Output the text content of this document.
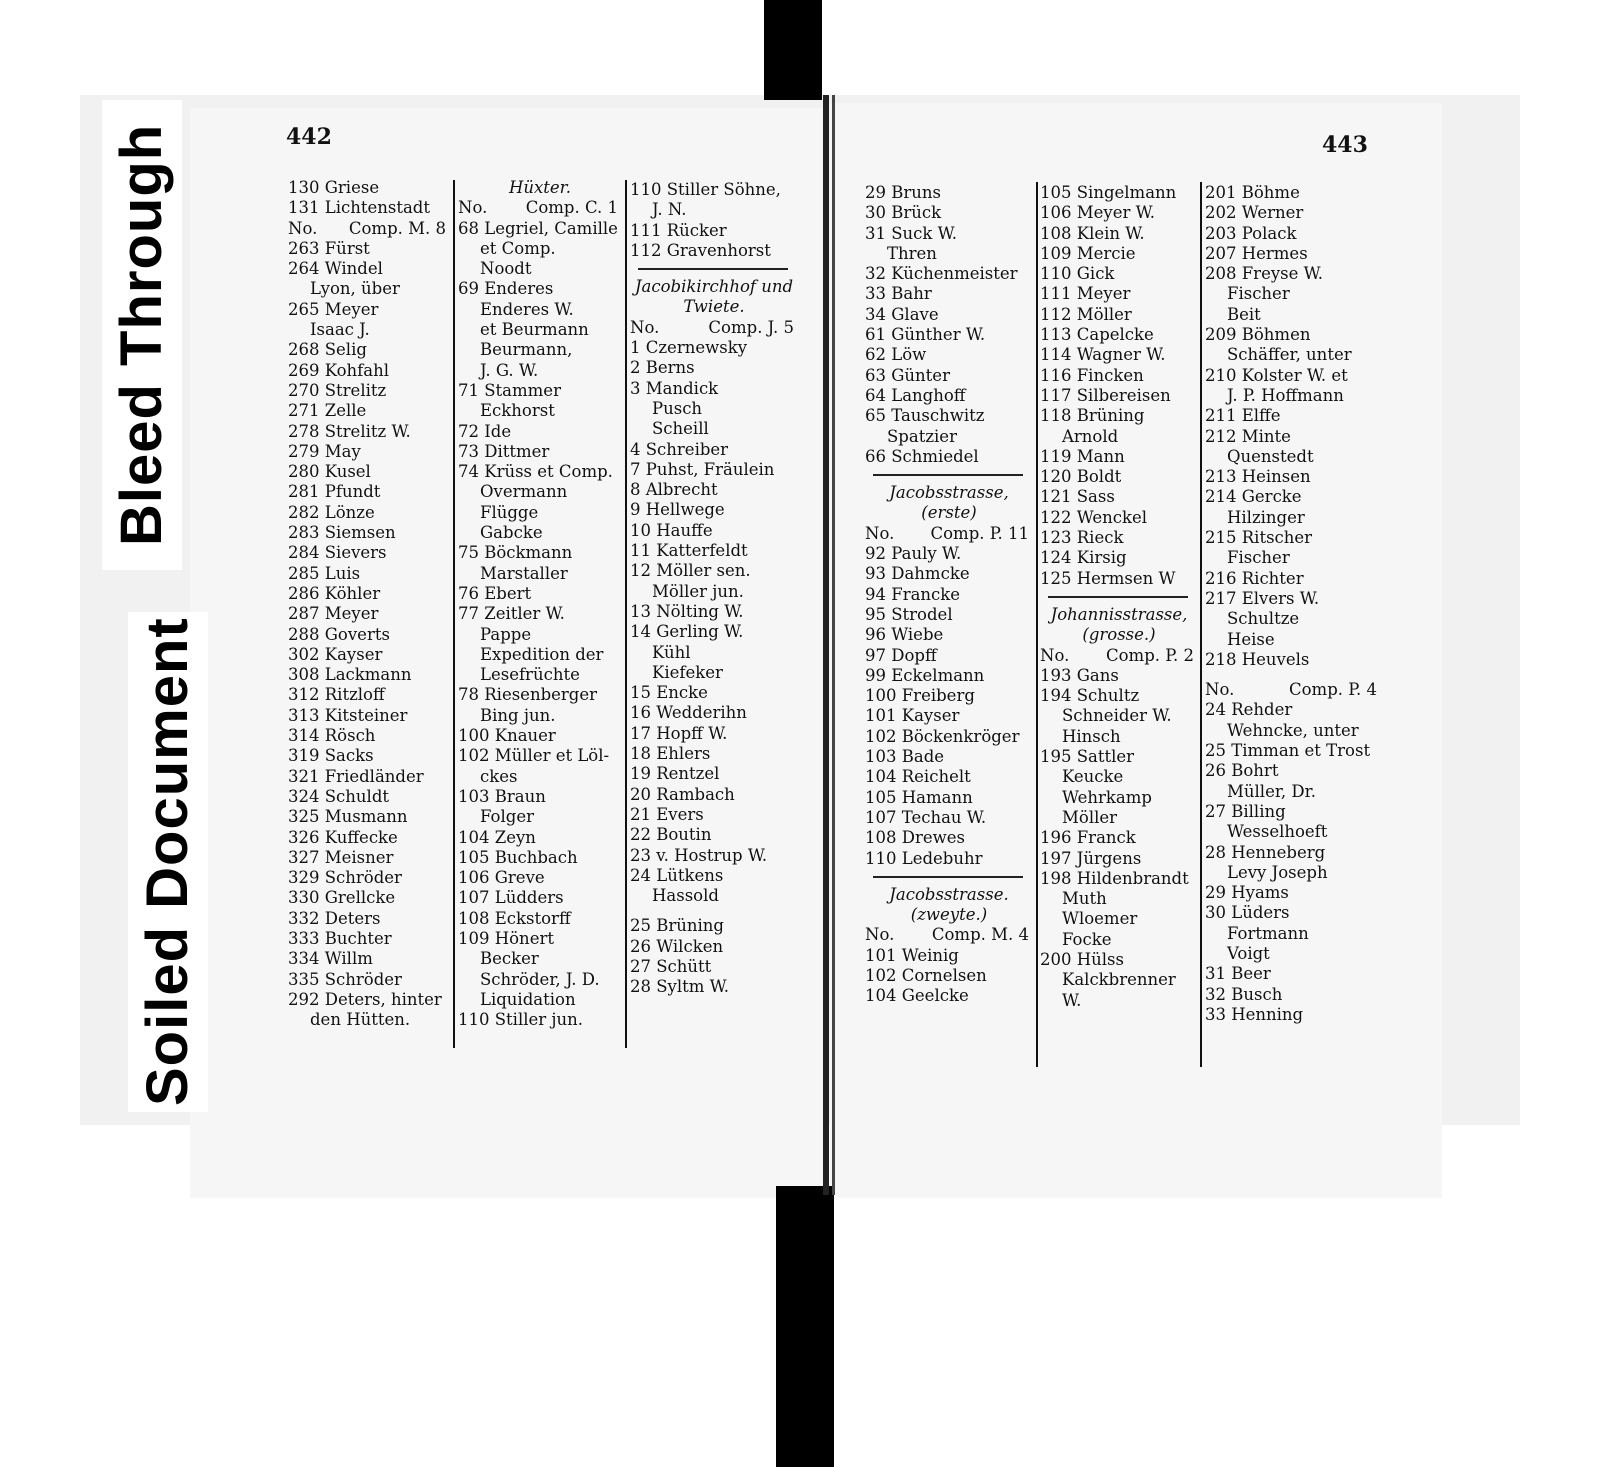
Bleed Through
Soiled Document
442	443
130 Griese
131 Lichtenstadt
No. Comp. M. 8
263 Fürst
264 Windel
Lyon, über
265 Meyer
Isaac J.
268 Selig
269 Kohfahl
270 Strelitz
271 Zelle
278 Strelitz W.
279 May
280 Kusel
281 Pfundt
282 Lönze
283 Siemsen
284 Sievers
285 Luis
286 Köhler
287 Meyer
288 Goverts
302 Kayser
308 Lackmann
312 Ritzloff
313 Kitsteiner
314 Rösch
319 Sacks
321 Friedländer
324 Schuldt
325 Musmann
326 Kuffecke
327 Meisner
329 Schröder
330 Grellcke
332 Deters
333 Buchter
334 Willm
335 Schröder
292 Deters, hinter
den Hütten.
Hüxter.
No. Comp. C. 1
68 Legriel, Camille
et Comp.
Noodt
69 Enderes
Enderes W.
et Beurmann
Beurmann,
J. G. W.
71 Stammer
Eckhorst
72 Ide
73 Dittmer
74 Krüss et Comp.
Overmann
Flügge
Gabcke
75 Böckmann
Marstaller
76 Ebert
77 Zeitler W.
Pappe
Expedition der
Lesefrüchte
78 Riesenberger
Bing jun.
100 Knauer
102 Müller et Löl-
ckes
103 Braun
Folger
104 Zeyn
105 Buchbach
106 Greve
107 Lüdders
108 Eckstorff
109 Hönert
Becker
Schröder, J. D.
Liquidation
110 Stiller jun.
110 Stiller Söhne,
J. N.
111 Rücker
112 Gravenhorst
Jacobikirchhof und
Twiete.
No.	Comp. J. 5
1 Czernewsky
2 Berns
3 Mandick
Pusch
Scheill
4 Schreiber
7 Puhst, Fräulein
8 Albrecht
9 Hellwege
10 Hauffe
11 Katterfeldt
12 Möller sen.
Möller jun.
13 Nölting W.
14 Gerling W.
Kühl
Kiefeker
15 Encke
16 Wedderihn
17 Hopff W.
18 Ehlers
19 Rentzel
20 Rambach
21 Evers
22 Boutin
23 v. Hostrup W.
24 Lütkens
Hassold
25 Brüning
26 Wilcken
27 Schütt
28 Syltm W.
29 Bruns
30 Brück
31 Suck W.
Thren
32 Küchenmeister
33 Bahr
34 Glave
61 Günther W.
62 Löw
63 Günter
64 Langhoff
65 Tauschwitz
Spatzier
66 Schmiedel
Jacobsstrasse,
(erste)
No. Comp. P. 11
92 Pauly W.
93 Dahmcke
94 Francke
95 Strodel
96 Wiebe
97 Dopff
99 Eckelmann
100 Freiberg
101 Kayser
102 Böckenkröger
103 Bade
104 Reichelt
105 Hamann
107 Techau W.
108 Drewes
110 Ledebuhr
Jacobsstrasse.
(zweyte.)
No. Comp. M. 4
101 Weinig
102 Cornelsen
104 Geelcke
105 Singelmann
106 Meyer W.
108 Klein W.
109 Mercie
110 Gick
111 Meyer
112 Möller
113 Capelcke
114 Wagner W.
116 Fincken
117 Silbereisen
118 Brüning
Arnold
119 Mann
120 Boldt
121 Sass
122 Wenckel
123 Rieck
124 Kirsig
125 Hermsen W
Johannisstrasse,
(grosse.)
No. Comp. P. 2
193 Gans
194 Schultz
Schneider W.
Hinsch
195 Sattler
Keucke
Wehrkamp
Möller
196 Franck
197 Jürgens
198 Hildenbrandt
Muth
Wloemer
Focke
200 Hülss
Kalckbrenner
W.
201 Böhme
202 Werner
203 Polack
207 Hermes
208 Freyse W.
Fischer
Beit
209 Böhmen
Schäffer, unter
210 Kolster W. et
J. P. Hoffmann
211 Elffe
212 Minte
Quenstedt
213 Heinsen
214 Gercke
Hilzinger
215 Ritscher
Fischer
216 Richter
217 Elvers W.
Schultze
Heise
218 Heuvels
No.	Comp. P. 4
24 Rehder
Wehncke, unter
25 Timman et Trost
26 Bohrt
Müller, Dr.
27 Billing
Wesselhoeft
28 Henneberg
Levy Joseph
29 Hyams
30 Lüders
Fortmann
Voigt
31 Beer
32 Busch
33 Henning
